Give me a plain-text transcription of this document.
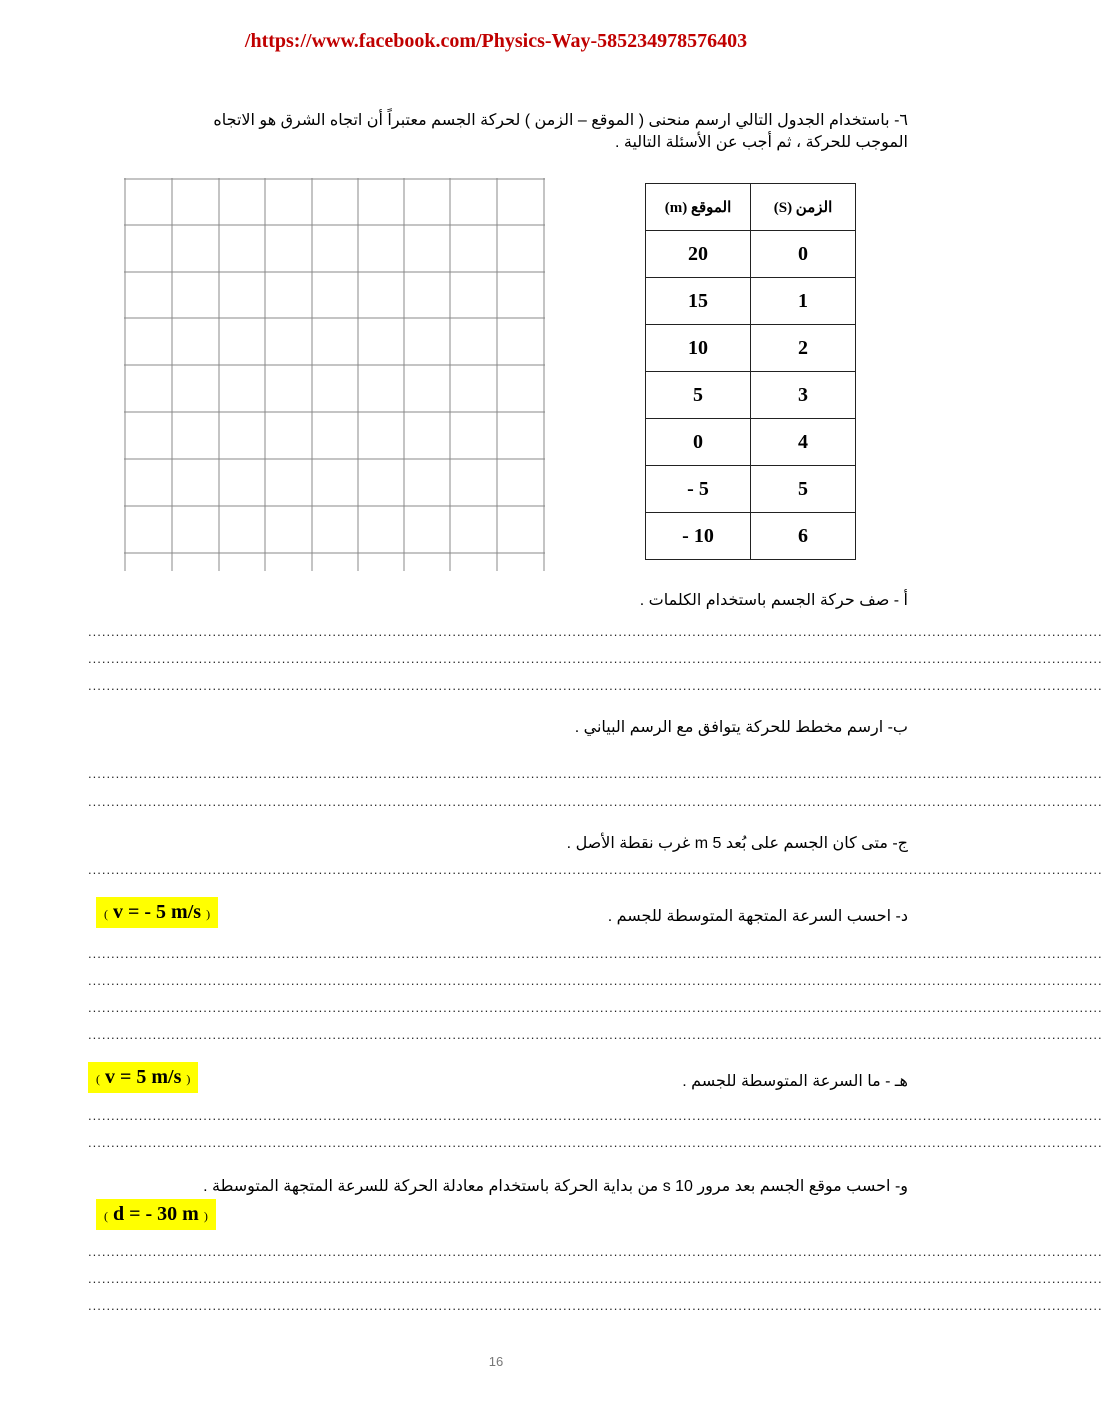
/https://www.facebook.com/Physics-Way-585234978576403
٦- باستخدام الجدول التالي ارسم منحنى ( الموقع – الزمن ) لحركة الجسم معتبراً أن اتجاه الشرق هو الاتجاه
الموجب للحركة ، ثم أجب عن الأسئلة التالية .
الموقع (m)	الزمن (S)
20	0
15	1
10	2
5	3
0	4
- 5	5
- 10	6
أ - صف حركة الجسم باستخدام الكلمات .
............................................................................................................................................................................................................................
............................................................................................................................................................................................................................
............................................................................................................................................................................................................................
ب- ارسم مخطط للحركة يتوافق مع الرسم البياني .
............................................................................................................................................................................................................................
............................................................................................................................................................................................................................
ج- متى كان الجسم على بُعد 5 m غرب نقطة الأصل .
............................................................................................................................................................................................................................
د- احسب السرعة المتجهة المتوسطة للجسم .
( v = - 5 m/s )
............................................................................................................................................................................................................................
............................................................................................................................................................................................................................
............................................................................................................................................................................................................................
............................................................................................................................................................................................................................
هـ - ما السرعة المتوسطة للجسم .
( v = 5 m/s )
............................................................................................................................................................................................................................
............................................................................................................................................................................................................................
و- احسب موقع الجسم بعد مرور 10 s من بداية الحركة باستخدام معادلة الحركة للسرعة المتجهة المتوسطة .
( d = - 30 m )
............................................................................................................................................................................................................................
............................................................................................................................................................................................................................
............................................................................................................................................................................................................................
16
